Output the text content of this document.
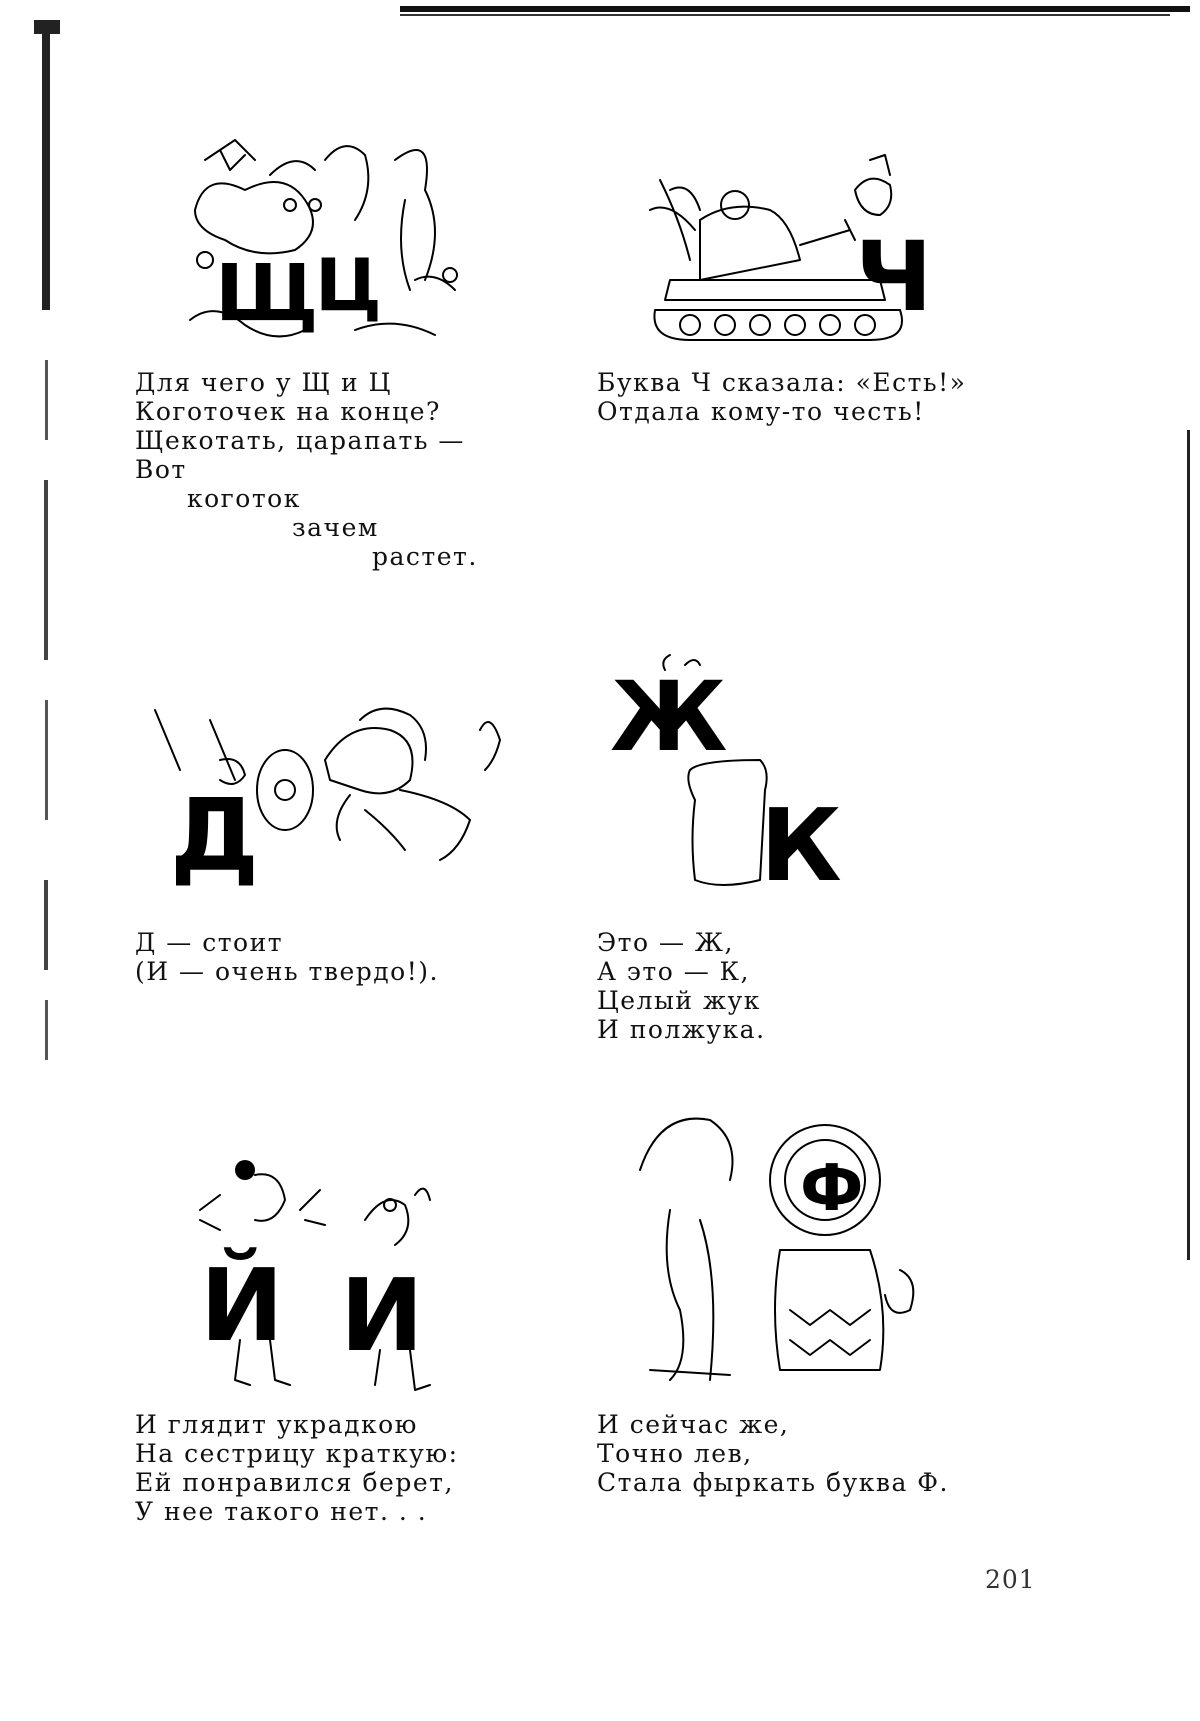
Щ
Ц	Ч
Для чего у Щ и Ц
Коготочек на конце?
Щекотать, царапать —
Вот
коготок
зачем
растет.
Буква Ч сказала: «Есть!»
Отдала кому-то честь!
Д
Ж
К
Д — стоит
(И — очень твердо!).
Это — Ж,
А это — К,
Целый жук
И полжука.
Й И
Ф
И глядит украдкою
На сестрицу краткую:
Ей понравился берет,
У нее такого нет. . .
И сейчас же,
Точно лев,
Стала фыркать буква Ф.
201
